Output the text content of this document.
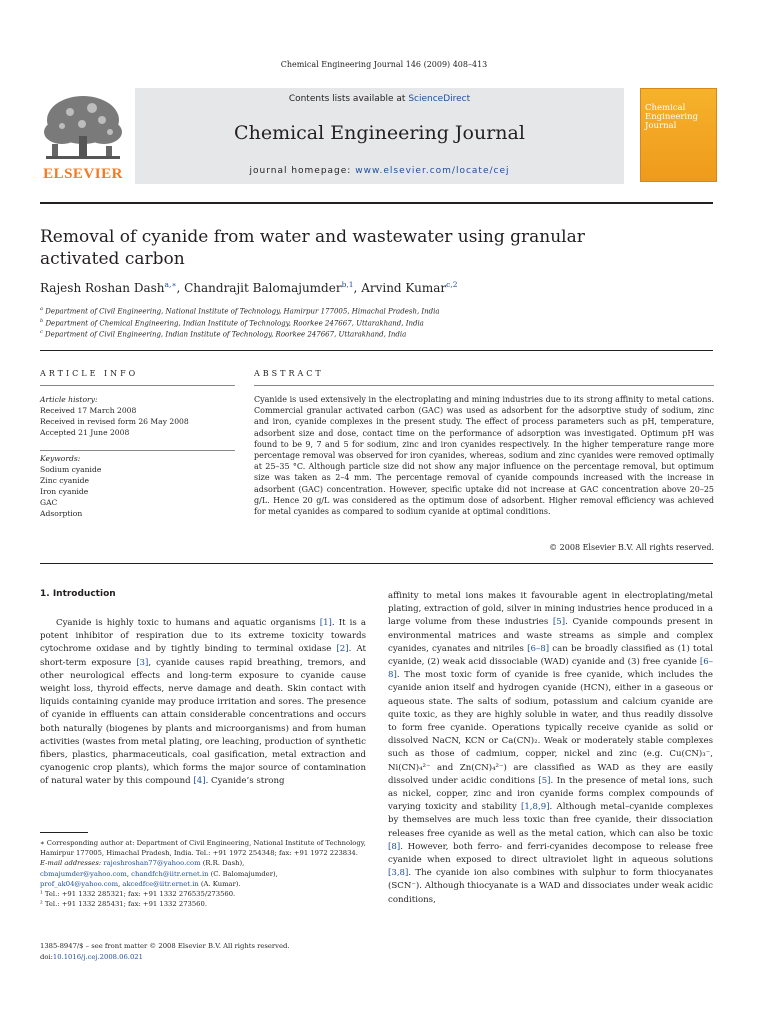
Chemical Engineering Journal 146 (2009) 408–413
ELSEVIER
Contents lists available at ScienceDirect
Chemical Engineering Journal
journal homepage: www.elsevier.com/locate/cej
Chemical Engineering Journal
Removal of cyanide from water and wastewater using granular activated carbon
Rajesh Roshan Dash$^{a,∗}$, Chandrajit Balomajumder$^{b,1}$, Arvind Kumar$^{c,2}$
$^a$ Department of Civil Engineering, National Institute of Technology, Hamirpur 177005, Himachal Pradesh, India
$^b$ Department of Chemical Engineering, Indian Institute of Technology, Roorkee 247667, Uttarakhand, India
$^c$ Department of Civil Engineering, Indian Institute of Technology, Roorkee 247667, Uttarakhand, India
ARTICLE INFO
Article history:
Received 17 March 2008
Received in revised form 26 May 2008
Accepted 21 June 2008
Keywords:
Sodium cyanide
Zinc cyanide
Iron cyanide
GAC
Adsorption
ABSTRACT
Cyanide is used extensively in the electroplating and mining industries due to its strong affinity to metal cations. Commercial granular activated carbon (GAC) was used as adsorbent for the adsorptive study of sodium, zinc and iron, cyanide complexes in the present study. The effect of process parameters such as pH, temperature, adsorbent size and dose, contact time on the performance of adsorption was investigated. Optimum pH was found to be 9, 7 and 5 for sodium, zinc and iron cyanides respectively. In the higher temperature range more percentage removal was observed for iron cyanides, whereas, sodium and zinc cyanides were removed optimally at 25–35 °C. Although particle size did not show any major influence on the percentage removal, but optimum size was taken as 2–4 mm. The percentage removal of cyanide compounds increased with the increase in adsorbent (GAC) concentration. However, specific uptake did not increase at GAC concentration above 20–25 g/L. Hence 20 g/L was considered as the optimum dose of adsorbent. Higher removal efficiency was achieved for metal cyanides as compared to sodium cyanide at optimal conditions.
© 2008 Elsevier B.V. All rights reserved.
1. Introduction
Cyanide is highly toxic to humans and aquatic organisms [1]. It is a potent inhibitor of respiration due to its extreme toxicity towards cytochrome oxidase and by tightly binding to terminal oxidase [2]. At short-term exposure [3], cyanide causes rapid breathing, tremors, and other neurological effects and long-term exposure to cyanide cause weight loss, thyroid effects, nerve damage and death. Skin contact with liquids containing cyanide may produce irritation and sores. The presence of cyanide in effluents can attain considerable concentrations and occurs both naturally (biogenes by plants and microorganisms) and from human activities (wastes from metal plating, ore leaching, production of synthetic fibers, plastics, pharmaceuticals, coal gasification, metal extraction and cyanogenic crop plants), which forms the major source of contamination of natural water by this compound [4]. Cyanide’s strong
affinity to metal ions makes it favourable agent in electroplating/metal plating, extraction of gold, silver in mining industries hence produced in a large volume from these industries [5]. Cyanide compounds present in environmental matrices and waste streams as simple and complex cyanides, cyanates and nitriles [6–8] can be broadly classified as (1) total cyanide, (2) weak acid dissociable (WAD) cyanide and (3) free cyanide [6–8]. The most toxic form of cyanide is free cyanide, which includes the cyanide anion itself and hydrogen cyanide (HCN), either in a gaseous or aqueous state. The salts of sodium, potassium and calcium cyanide are quite toxic, as they are highly soluble in water, and thus readily dissolve to form free cyanide. Operations typically receive cyanide as solid or dissolved NaCN, KCN or Ca(CN)₂. Weak or moderately stable complexes such as those of cadmium, copper, nickel and zinc (e.g. Cu(CN)₃⁻, Ni(CN)₄²⁻ and Zn(CN)₄²⁻) are classified as WAD as they are easily dissolved under acidic conditions [5]. In the presence of metal ions, such as nickel, copper, zinc and iron cyanide forms complex compounds of varying toxicity and stability [1,8,9]. Although metal–cyanide complexes by themselves are much less toxic than free cyanide, their dissociation releases free cyanide as well as the metal cation, which can also be toxic [8]. However, both ferro- and ferri-cyanides decompose to release free cyanide when exposed to direct ultraviolet light in aqueous solutions [3,8]. The cyanide ion also combines with sulphur to form thiocyanates (SCN⁻). Although thiocyanate is a WAD and dissociates under weak acidic conditions,

∗ Corresponding author at: Department of Civil Engineering, National Institute of Technology, Hamirpur 177005, Himachal Pradesh, India. Tel.: +91 1972 254348; fax: +91 1972 223834.

E-mail addresses: rajeshroshan77@yahoo.com (R.R. Dash),
cbmajumder@yahoo.com, chandfch@iitr.ernet.in (C. Balomajumder),
prof_ak04@yahoo.com, akcedfce@iitr.ernet.in (A. Kumar).

¹ Tel.: +91 1332 285321; fax: +91 1332 276535/273560.

² Tel.: +91 1332 285431; fax: +91 1332 273560.

1385-8947/$ – see front matter © 2008 Elsevier B.V. All rights reserved.
doi:10.1016/j.cej.2008.06.021
